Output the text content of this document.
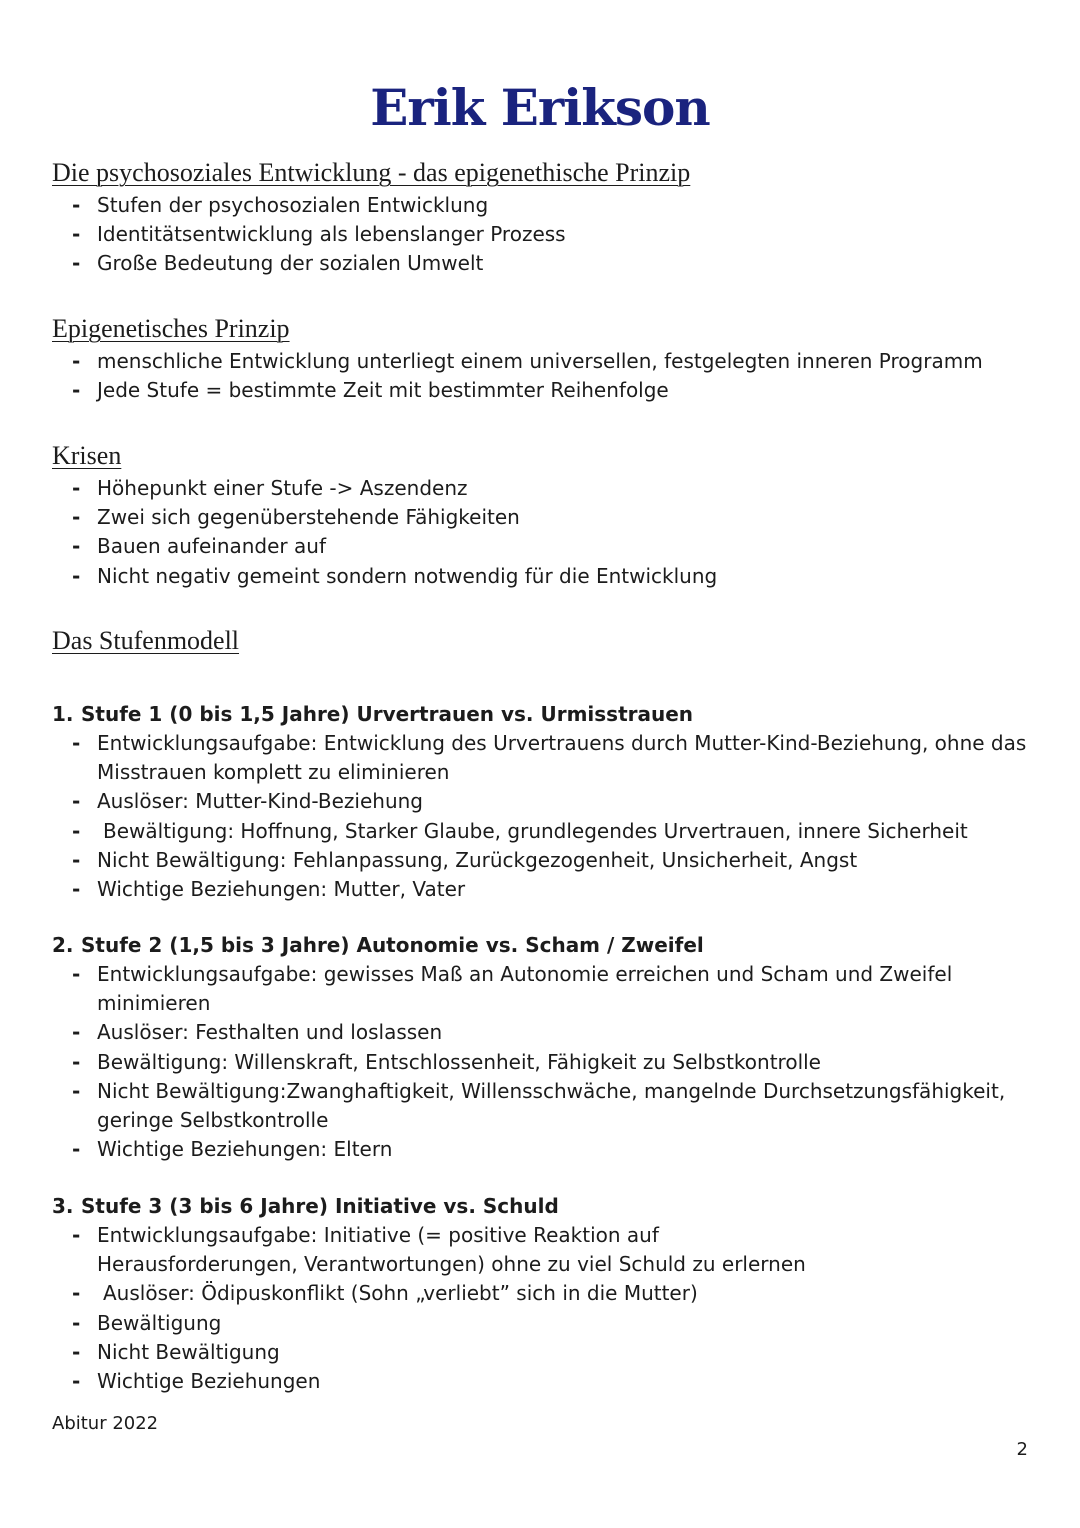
Erik Erikson
Die psychosoziales Entwicklung - das epigenethische Prinzip
- Stufen der psychosozialen Entwicklung
- Identitätsentwicklung als lebenslanger Prozess
- Große Bedeutung der sozialen Umwelt
Epigenetisches Prinzip
- menschliche Entwicklung unterliegt einem universellen, festgelegten inneren Programm
- Jede Stufe = bestimmte Zeit mit bestimmter Reihenfolge
Krisen
- Höhepunkt einer Stufe -> Aszendenz
- Zwei sich gegenüberstehende Fähigkeiten
- Bauen aufeinander auf
- Nicht negativ gemeint sondern notwendig für die Entwicklung
Das Stufenmodell
1. Stufe 1 (0 bis 1,5 Jahre) Urvertrauen vs. Urmisstrauen
- Entwicklungsaufgabe: Entwicklung des Urvertrauens durch Mutter-Kind-Beziehung, ohne das Misstrauen komplett zu eliminieren
- Auslöser: Mutter-Kind-Beziehung
-	Bewältigung: Hoffnung, Starker Glaube, grundlegendes Urvertrauen, innere Sicherheit
- Nicht Bewältigung: Fehlanpassung, Zurückgezogenheit, Unsicherheit, Angst
- Wichtige Beziehungen: Mutter, Vater
2. Stufe 2 (1,5 bis 3 Jahre) Autonomie vs. Scham / Zweifel
- Entwicklungsaufgabe: gewisses Maß an Autonomie erreichen und Scham und Zweifel minimieren
- Auslöser: Festhalten und loslassen
- Bewältigung: Willenskraft, Entschlossenheit, Fähigkeit zu Selbstkontrolle
- Nicht Bewältigung:Zwanghaftigkeit, Willensschwäche, mangelnde Durchsetzungsfähigkeit, geringe Selbstkontrolle
- Wichtige Beziehungen: Eltern
3. Stufe 3 (3 bis 6 Jahre) Initiative vs. Schuld
- Entwicklungsaufgabe: Initiative (= positive Reaktion auf Herausforderungen, Verantwortungen) ohne zu viel Schuld zu erlernen
-	Auslöser: Ödipuskonflikt (Sohn „verliebt” sich in die Mutter)
- Bewältigung
- Nicht Bewältigung
- Wichtige Beziehungen
Abitur 2022
2
